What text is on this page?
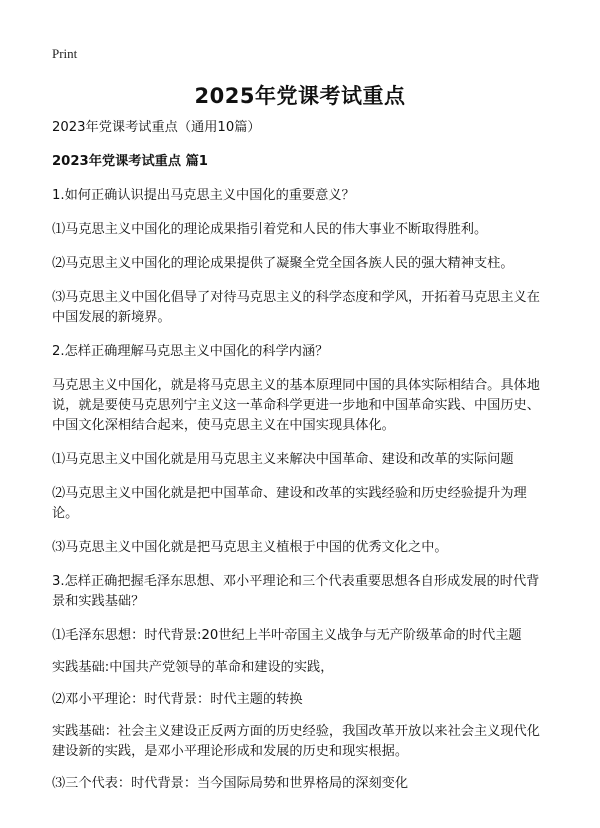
Print
2025年党课考试重点

2023年党课考试重点（通用10篇）

2023年党课考试重点 篇1

1.如何正确认识提出马克思主义中国化的重要意义？

⑴马克思主义中国化的理论成果指引着党和人民的伟大事业不断取得胜利。

⑵马克思主义中国化的理论成果提供了凝聚全党全国各族人民的强大精神支柱。

⑶马克思主义中国化倡导了对待马克思主义的科学态度和学风，开拓着马克思主义在中国发展的新境界。

2.怎样正确理解马克思主义中国化的科学内涵？

马克思主义中国化，就是将马克思主义的基本原理同中国的具体实际相结合。具体地说，就是要使马克思列宁主义这一革命科学更进一步地和中国革命实践、中国历史、中国文化深相结合起来，使马克思主义在中国实现具体化。

⑴马克思主义中国化就是用马克思主义来解决中国革命、建设和改革的实际问题

⑵马克思主义中国化就是把中国革命、建设和改革的实践经验和历史经验提升为理论。

⑶马克思主义中国化就是把马克思主义植根于中国的优秀文化之中。

3.怎样正确把握毛泽东思想、邓小平理论和三个代表重要思想各自形成发展的时代背景和实践基础？

⑴毛泽东思想：时代背景:20世纪上半叶帝国主义战争与无产阶级革命的时代主题

实践基础:中国共产党领导的革命和建设的实践，

⑵邓小平理论：时代背景：时代主题的转换

实践基础：社会主义建设正反两方面的历史经验，我国改革开放以来社会主义现代化建设新的实践，是邓小平理论形成和发展的历史和现实根据。

⑶三个代表：时代背景：当今国际局势和世界格局的深刻变化
